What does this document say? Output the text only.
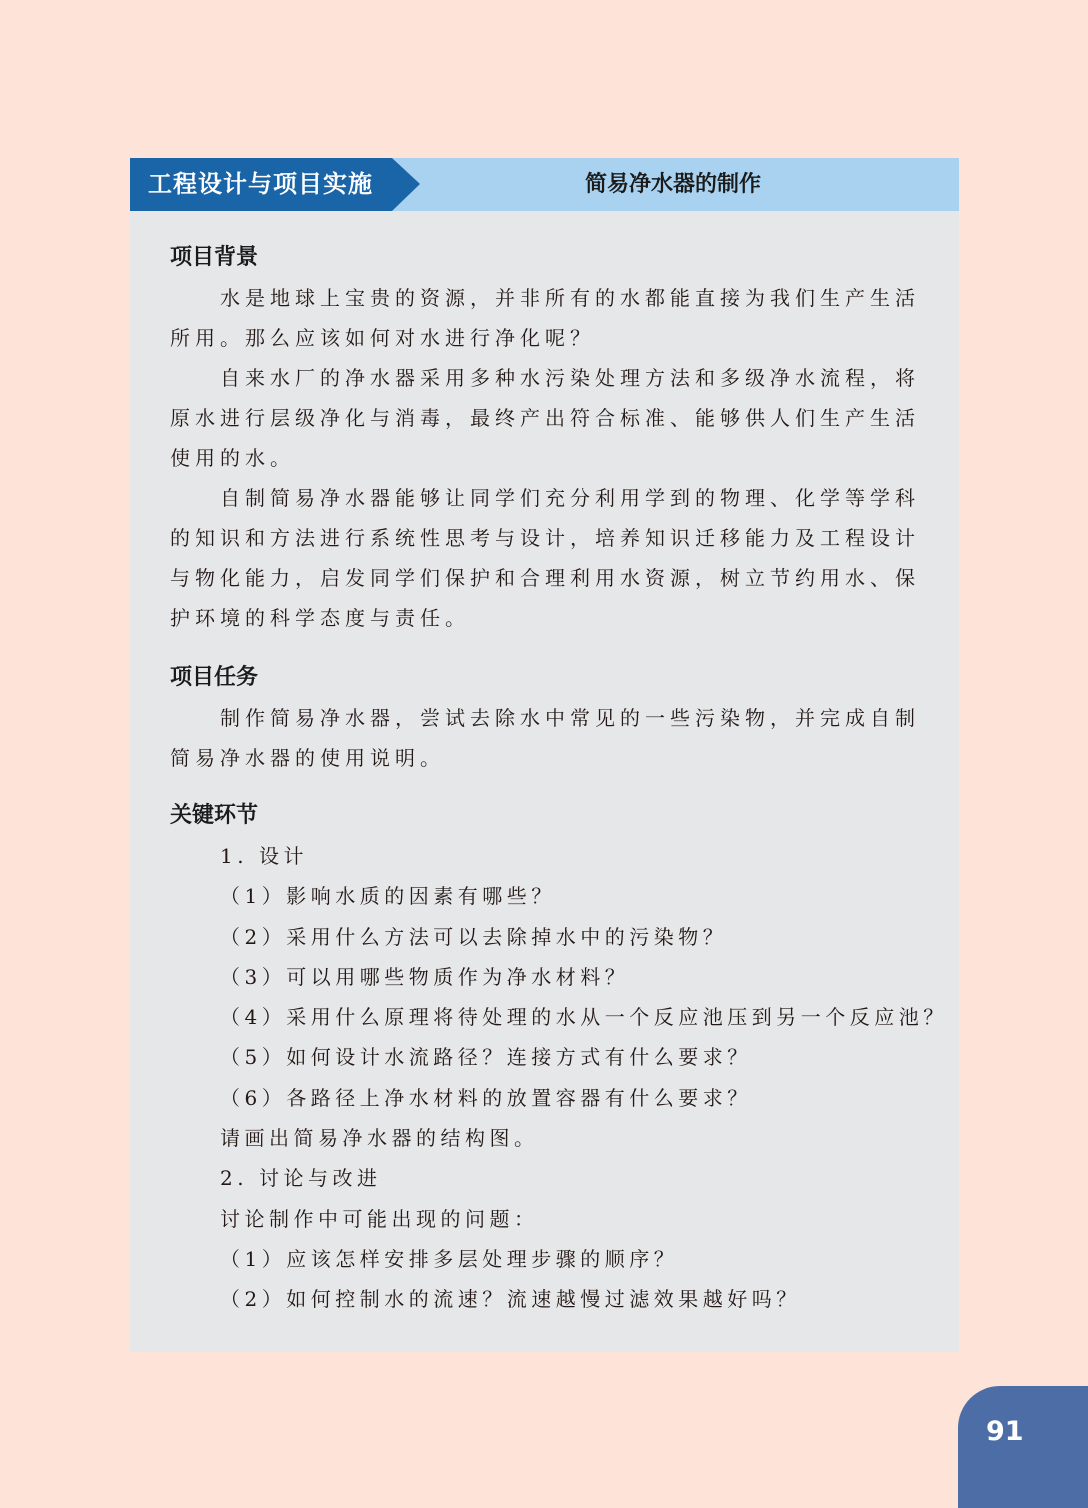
工程设计与项目实施	简易净水器的制作
项目背景

水是地球上宝贵的资源，并非所有的水都能直接为我们生产生活所用。那么应该如何对水进行净化呢？

自来水厂的净水器采用多种水污染处理方法和多级净水流程，将原水进行层级净化与消毒，最终产出符合标准、能够供人们生产生活使用的水。

自制简易净水器能够让同学们充分利用学到的物理、化学等学科的知识和方法进行系统性思考与设计，培养知识迁移能力及工程设计与物化能力，启发同学们保护和合理利用水资源，树立节约用水、保护环境的科学态度与责任。

项目任务

制作简易净水器，尝试去除水中常见的一些污染物，并完成自制简易净水器的使用说明。

关键环节
1. 设计
（1）影响水质的因素有哪些？
（2）采用什么方法可以去除掉水中的污染物？
（3）可以用哪些物质作为净水材料？
（4）采用什么原理将待处理的水从一个反应池压到另一个反应池？
（5）如何设计水流路径？连接方式有什么要求？
（6）各路径上净水材料的放置容器有什么要求？
请画出简易净水器的结构图。
2. 讨论与改进
讨论制作中可能出现的问题：
（1）应该怎样安排多层处理步骤的顺序？
（2）如何控制水的流速？流速越慢过滤效果越好吗？
91
